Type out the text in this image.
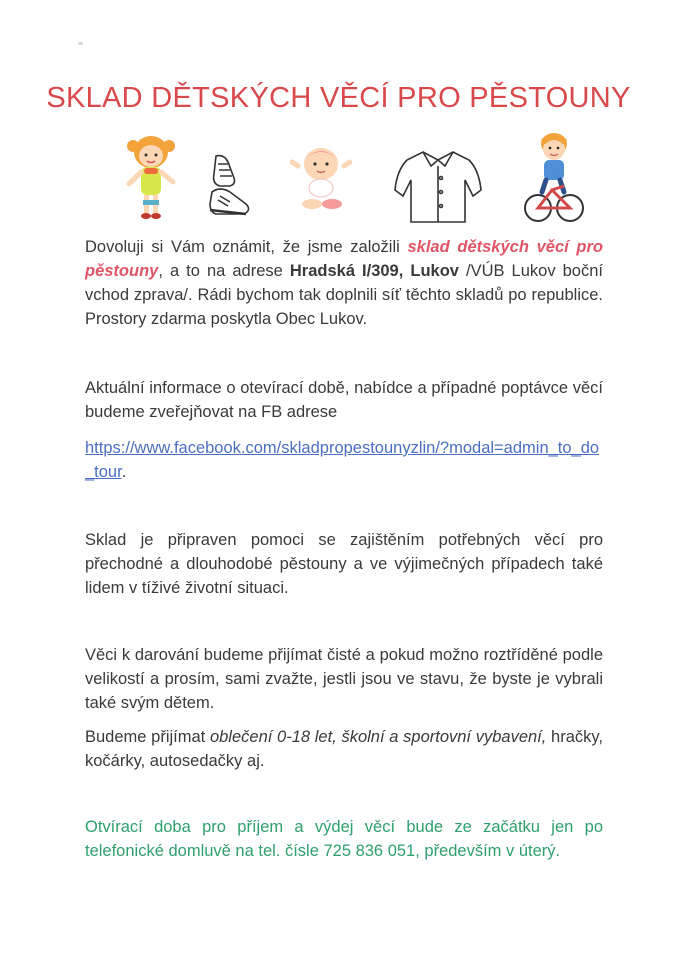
SKLAD DĚTSKÝCH VĚCÍ PRO PĚSTOUNY

Dovoluji si Vám oznámit, že jsme založili sklad dětských věcí pro pěstouny, a to na adrese Hradská I/309, Lukov /VÚB Lukov boční vchod zprava/. Rádi bychom tak doplnili síť těchto skladů po republice. Prostory zdarma poskytla Obec Lukov.

Aktuální informace o otevírací době, nabídce a případné poptávce věcí budeme zveřejňovat na FB adrese

https://www.facebook.com/skladpropestounyzlin/?modal=admin_to_do_tour.

Sklad je připraven pomoci se zajištěním potřebných věcí pro přechodné a dlouhodobé pěstouny a ve výjimečných případech také lidem v tíživé životní situaci.

Věci k darování budeme přijímat čisté a pokud možno roztříděné podle velikostí a prosím, sami zvažte, jestli jsou ve stavu, že byste je vybrali také svým dětem.

Budeme přijímat oblečení 0-18 let, školní a sportovní vybavení, hračky, kočárky, autosedačky aj.

Otvírací doba pro příjem a výdej věcí bude ze začátku jen po telefonické domluvě na tel. čísle 725 836 051, především v úterý.
